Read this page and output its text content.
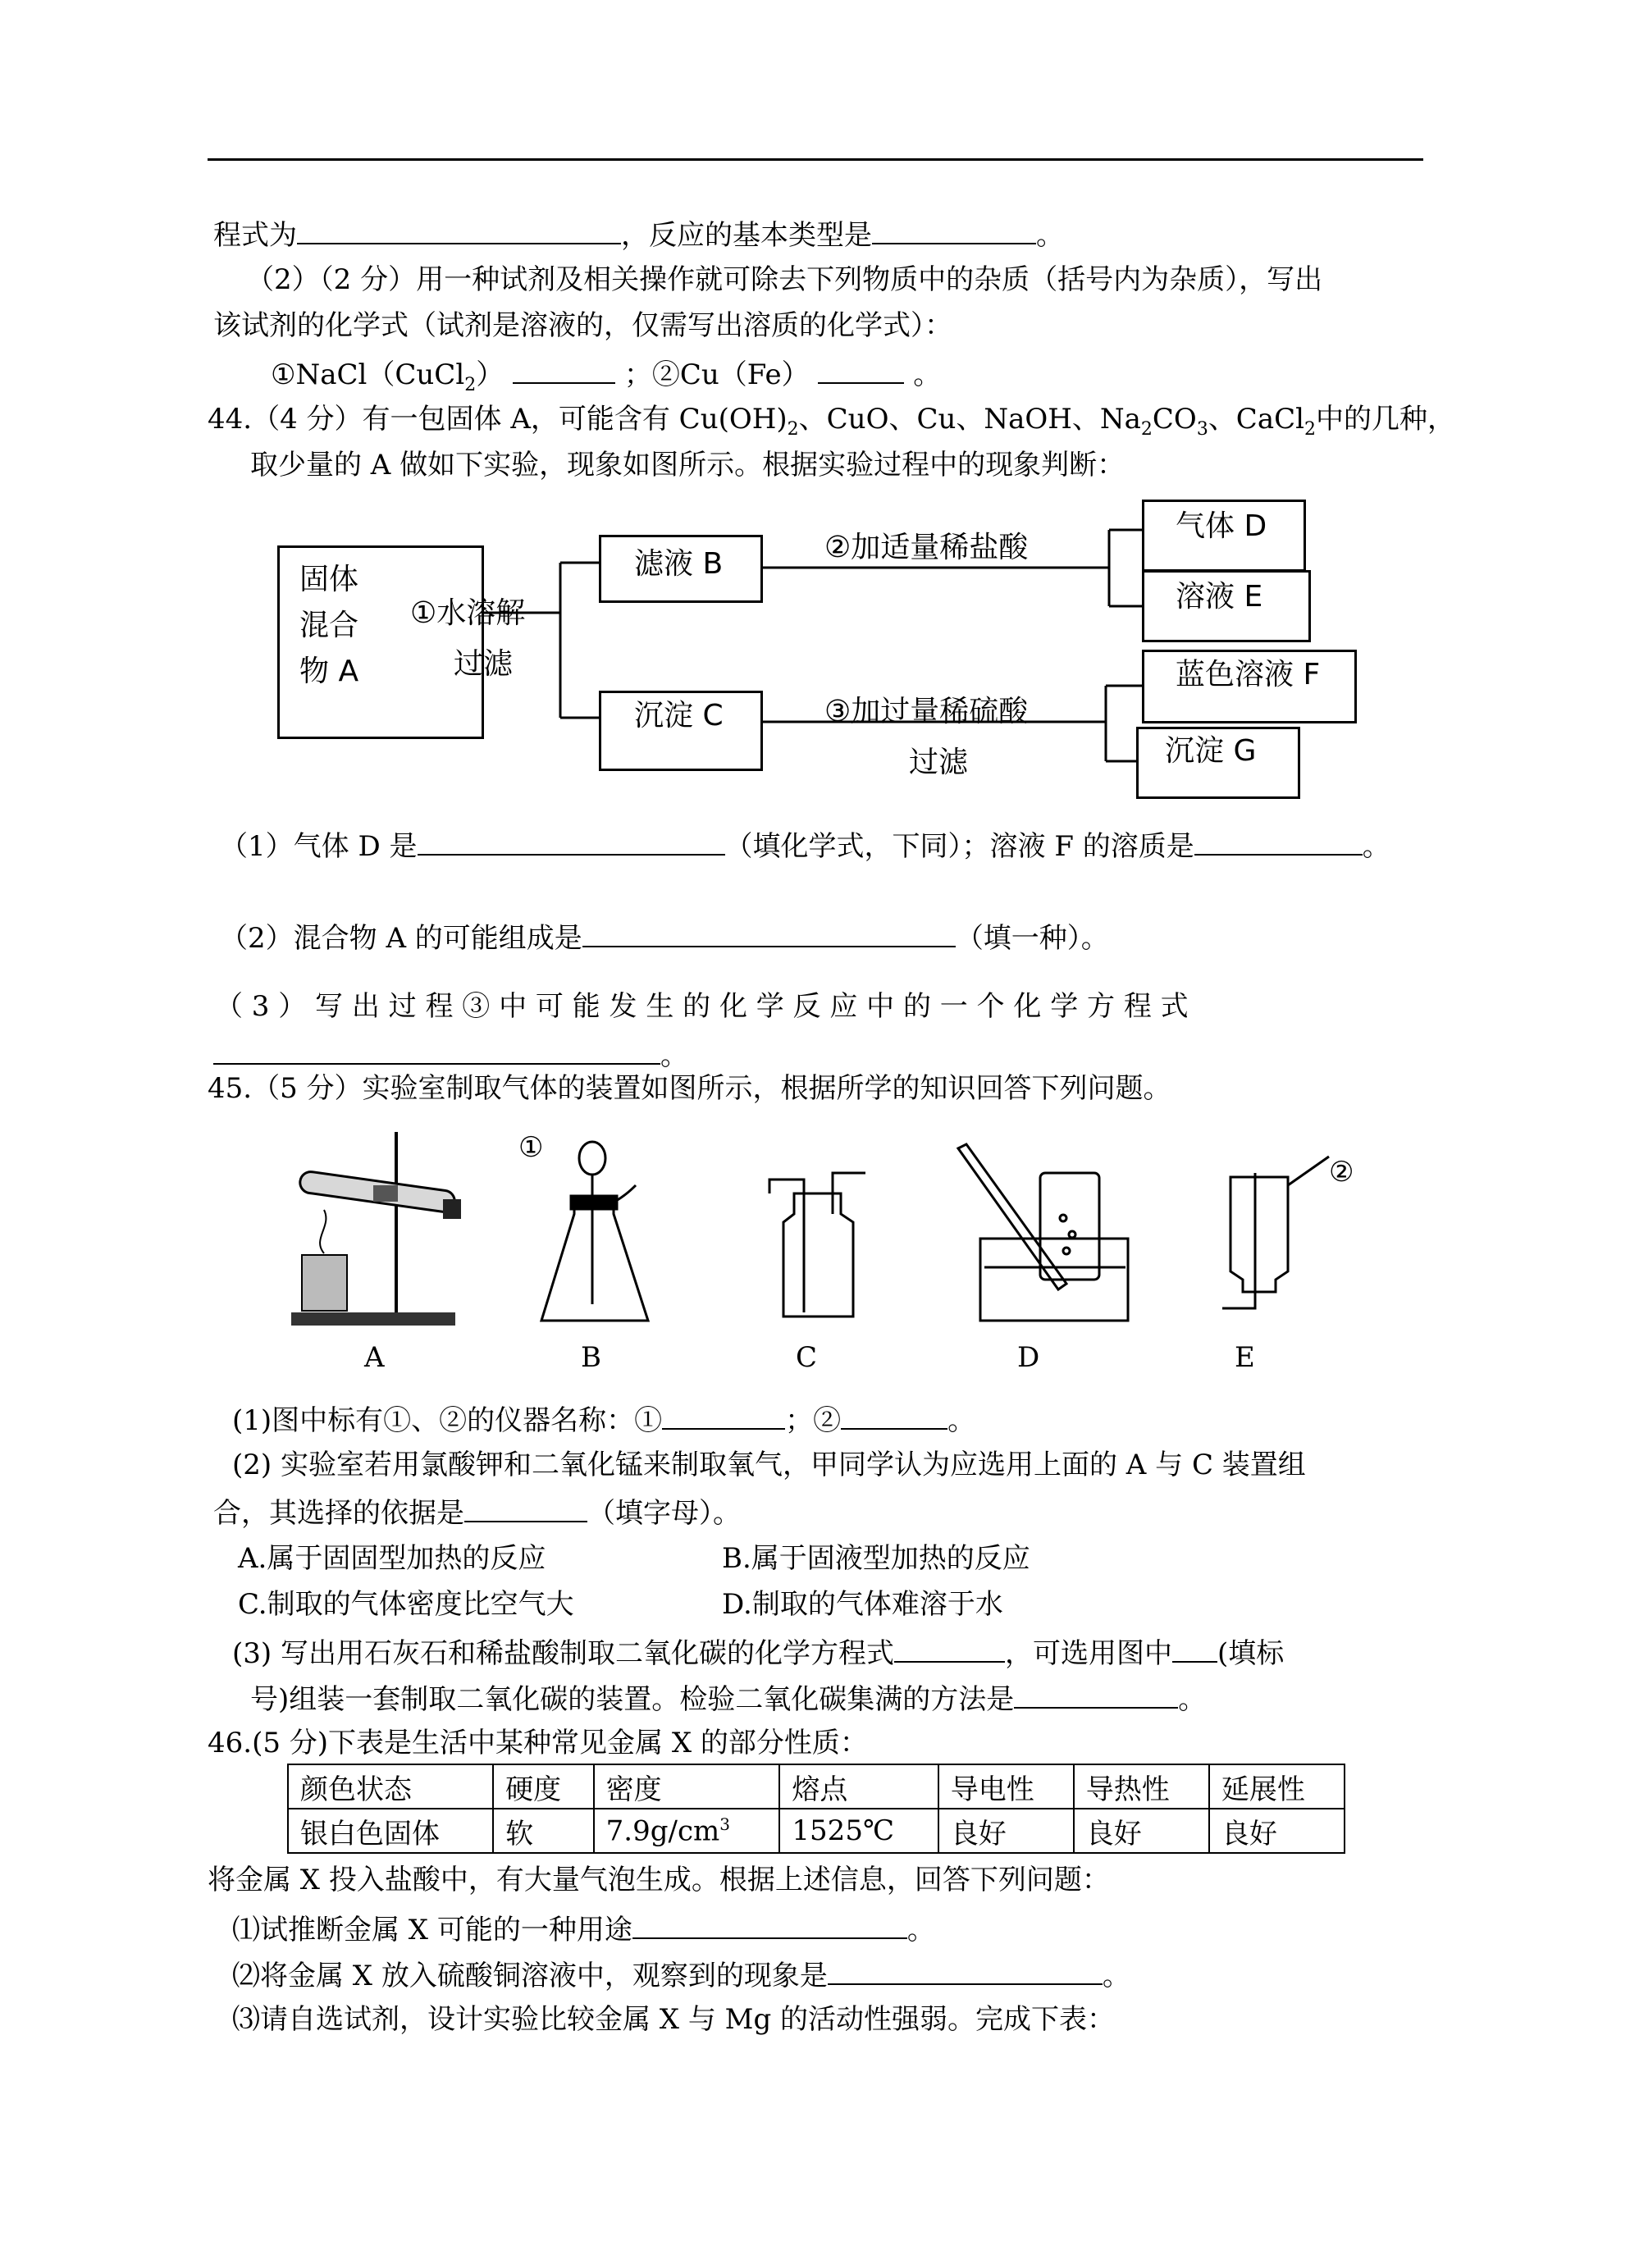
程式为	，反应的基本类型是	。
（2）（2 分）用一种试剂及相关操作就可除去下列物质中的杂质（括号内为杂质），写出
该试剂的化学式（试剂是溶液的，仅需写出溶质的化学式）：
①NaCl（CuCl$_2$）	；②Cu（Fe）	。
44.（4 分）有一包固体 A，可能含有 $Cu(OH)_2$、CuO、Cu、NaOH、$Na_2CO_3$、CaCl$_2$中的几种，
取少量的 A 做如下实验，现象如图所示。根据实验过程中的现象判断：
固体
混合
物 A
①水溶解
过滤
滤液 B
沉淀 C
②加适量稀盐酸
③加过量稀硫酸
过滤
气体 D
溶液 E
蓝色溶液 F
沉淀 G
（1）气体 D 是	（填化学式，下同）；溶液 F 的溶质是	。
（2）混合物 A 的可能组成是	（填一种）。
（ 3 ） 写 出 过 程 ③ 中 可 能 发 生 的 化 学 反 应 中 的 一 个 化 学 方 程 式
。
45.（5 分）实验室制取气体的装置如图所示，根据所学的知识回答下列问题。
①
②
A	B	C	D	E
(1)图中标有①、②的仪器名称：①	；②	。
(2) 实验室若用氯酸钾和二氧化锰来制取氧气，甲同学认为应选用上面的 A 与 C 装置组
合，其选择的依据是	（填字母）。
A.属于固固型加热的反应	B.属于固液型加热的反应
C.制取的气体密度比空气大	D.制取的气体难溶于水
(3) 写出用石灰石和稀盐酸制取二氧化碳的化学方程式	，可选用图中 (填标
号)组装一套制取二氧化碳的装置。检验二氧化碳集满的方法是	。
46.(5 分)下表是生活中某种常见金属 X 的部分性质：
颜色状态	硬度	密度	熔点	导电性	导热性	延展性
银白色固体	软	$7.9g/cm^3$	1525℃	良好	良好	良好
将金属 X 投入盐酸中，有大量气泡生成。根据上述信息，回答下列问题：
⑴试推断金属 X 可能的一种用途	。
⑵将金属 X 放入硫酸铜溶液中，观察到的现象是	。
⑶请自选试剂，设计实验比较金属 X 与 Mg 的活动性强弱。完成下表：
